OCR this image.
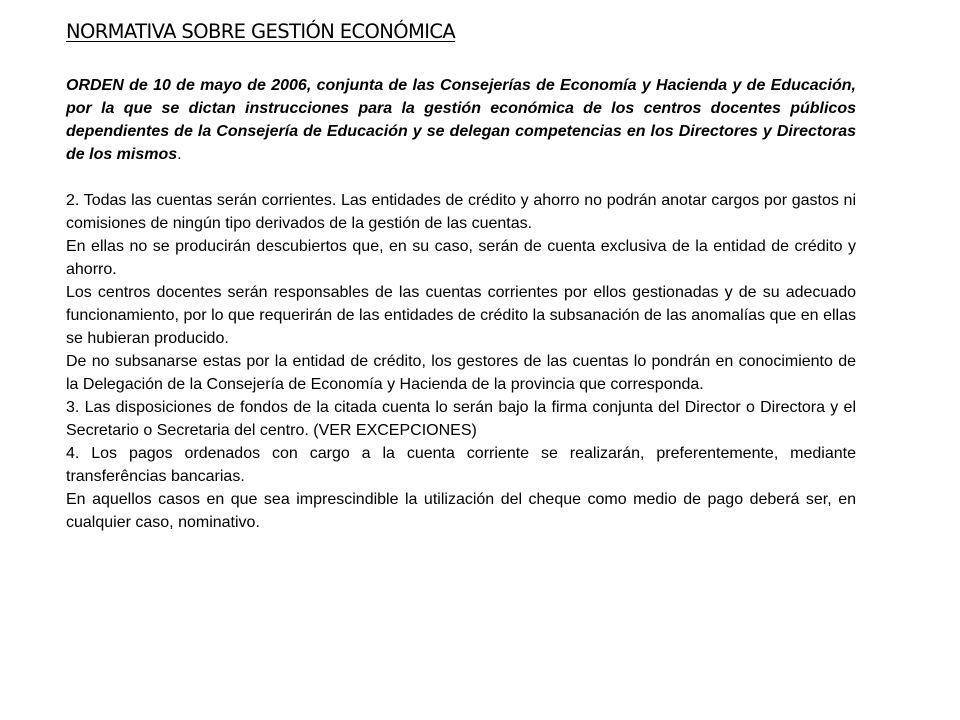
NORMATIVA SOBRE GESTIÓN ECONÓMICA

ORDEN de 10 de mayo de 2006, conjunta de las Consejerías de Economía y Hacienda y de Educación, por la que se dictan instrucciones para la gestión económica de los centros docentes públicos dependientes de la Consejería de Educación y se delegan competencias en los Directores y Directoras de los mismos.

2. Todas las cuentas serán corrientes. Las entidades de crédito y ahorro no podrán anotar cargos por gastos ni comisiones de ningún tipo derivados de la gestión de las cuentas.

En ellas no se producirán descubiertos que, en su caso, serán de cuenta exclusiva de la entidad de crédito y ahorro.

Los centros docentes serán responsables de las cuentas corrientes por ellos gestionadas y de su adecuado funcionamiento, por lo que requerirán de las entidades de crédito la subsanación de las anomalías que en ellas se hubieran producido.

De no subsanarse estas por la entidad de crédito, los gestores de las cuentas lo pondrán en conocimiento de la Delegación de la Consejería de Economía y Hacienda de la provincia que corresponda.

3. Las disposiciones de fondos de la citada cuenta lo serán bajo la firma conjunta del Director o Directora y el Secretario o Secretaria del centro. (VER EXCEPCIONES)

4. Los pagos ordenados con cargo a la cuenta corriente se realizarán, preferentemente, mediante transferências bancarias.

En aquellos casos en que sea imprescindible la utilización del cheque como medio de pago deberá ser, en cualquier caso, nominativo.
